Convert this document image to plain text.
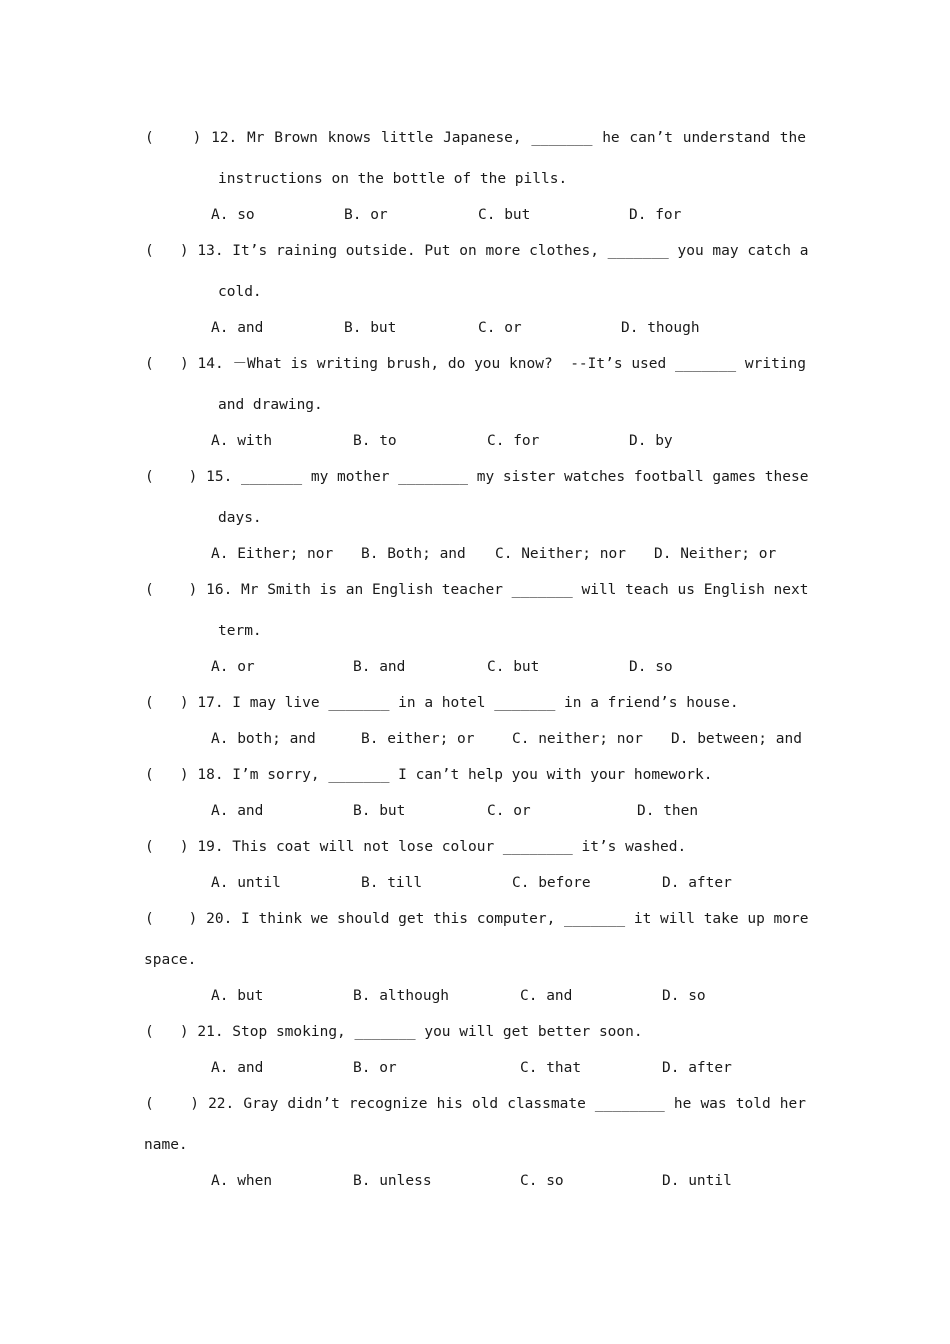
(    ) 12. Mr Brown knows little Japanese, _______ he can’t understand the
instructions on the bottle of the pills.
A. so	B. or	C. but	D. for
(   ) 13. It’s raining outside. Put on more clothes, _______ you may catch a
cold.
A. and	B. but	C. or	D. though
(   ) 14. －What is writing brush, do you know?  --It’s used _______ writing
and drawing.
A. with	B. to	C. for	D. by
(    ) 15. _______ my mother ________ my sister watches football games these
days.
A. Either; nor B. Both; and C. Neither; nor D. Neither; or
(    ) 16. Mr Smith is an English teacher _______ will teach us English next
term.
A. or	B. and	C. but	D. so
(   ) 17. I may live _______ in a hotel _______ in a friend’s house.
A. both; and	B. either; or	C. neither; nor D. between; and
(   ) 18. I’m sorry, _______ I can’t help you with your homework.
A. and	B. but	C. or	D. then
(   ) 19. This coat will not lose colour ________ it’s washed.
A. until	B. till	C. before	D. after
(    ) 20. I think we should get this computer, _______ it will take up more
space.
A. but	B. although	C. and	D. so
(   ) 21. Stop smoking, _______ you will get better soon.
A. and	B. or	C. that	D. after
(    ) 22. Gray didn’t recognize his old classmate ________ he was told her
name.
A. when	B. unless	C. so	D. until
